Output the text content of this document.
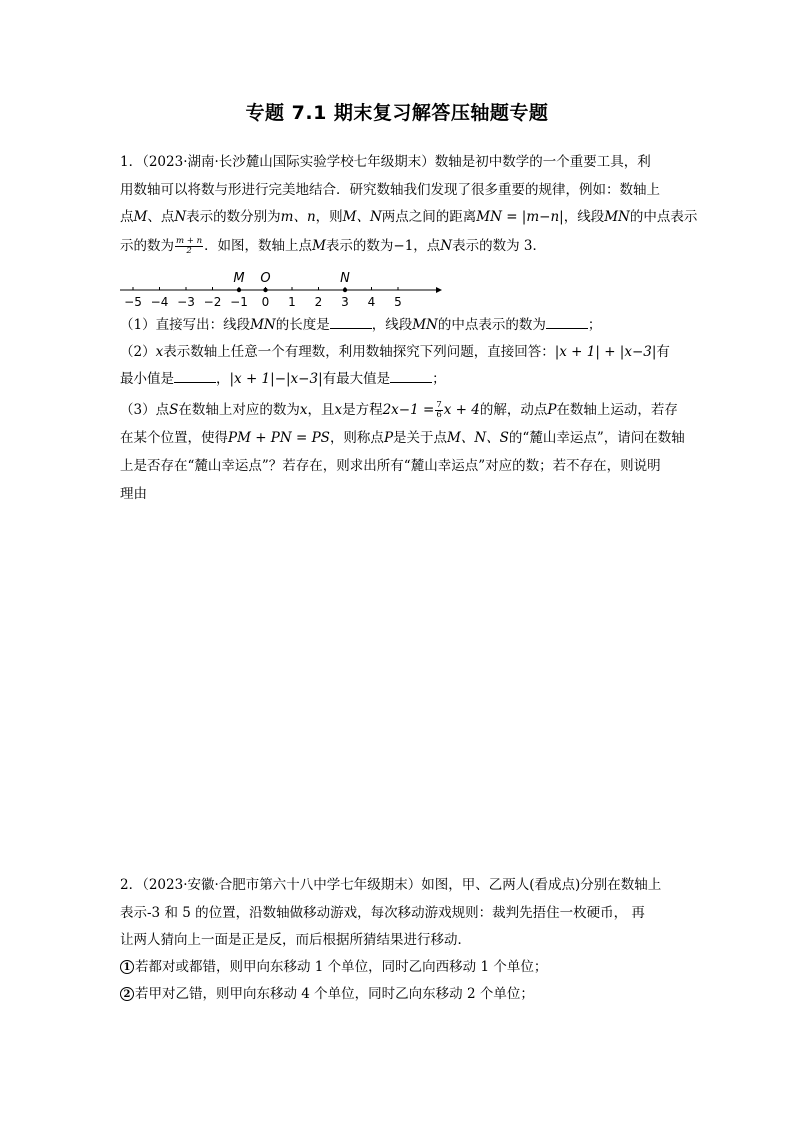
专题 7.1 期末复习解答压轴题专题
1．（2023·湖南·长沙麓山国际实验学校七年级期末）数轴是初中数学的一个重要工具，利
用数轴可以将数与形进行完美地结合．研究数轴我们发现了很多重要的规律，例如：数轴上
点M、点N表示的数分别为m、n，则M、N两点之间的距离MN = |m−n|，线段MN的中点表示
示的数为 $\frac{m + n}{2}$ ．如图，数轴上点M表示的数为−1，点N表示的数为 3．
−5 −4 −3 −2 −1 0 1 2 3 4 5
M O	N
（1）直接写出：线段MN的长度是	，线段MN的中点表示的数为	；
（2）x表示数轴上任意一个有理数，利用数轴探究下列问题，直接回答：|x + 1| + |x−3|有
最小值是	，|x + 1|−|x−3|有最大值是	；
（3）点S在数轴上对应的数为x，且x是方程$2x-1 = \frac{7}{6}$ x + 4的解，动点P在数轴上运动，若存
在某个位置，使得PM + PN = PS，则称点P是关于点M、N、S的“麓山幸运点”，请问在数轴
上是否存在“麓山幸运点”？若存在，则求出所有“麓山幸运点”对应的数；若不存在，则说明
理由
2．（2023·安徽·合肥市第六十八中学七年级期末）如图，甲、乙两人(看成点)分别在数轴上
表示-3 和 5 的位置，沿数轴做移动游戏，每次移动游戏规则：裁判先捂住一枚硬币， 再
让两人猜向上一面是正是反，而后根据所猜结果进行移动．
1 若都对或都错，则甲向东移动 1 个单位，同时乙向西移动 1 个单位；
2 若甲对乙错，则甲向东移动 4 个单位，同时乙向东移动 2 个单位；
